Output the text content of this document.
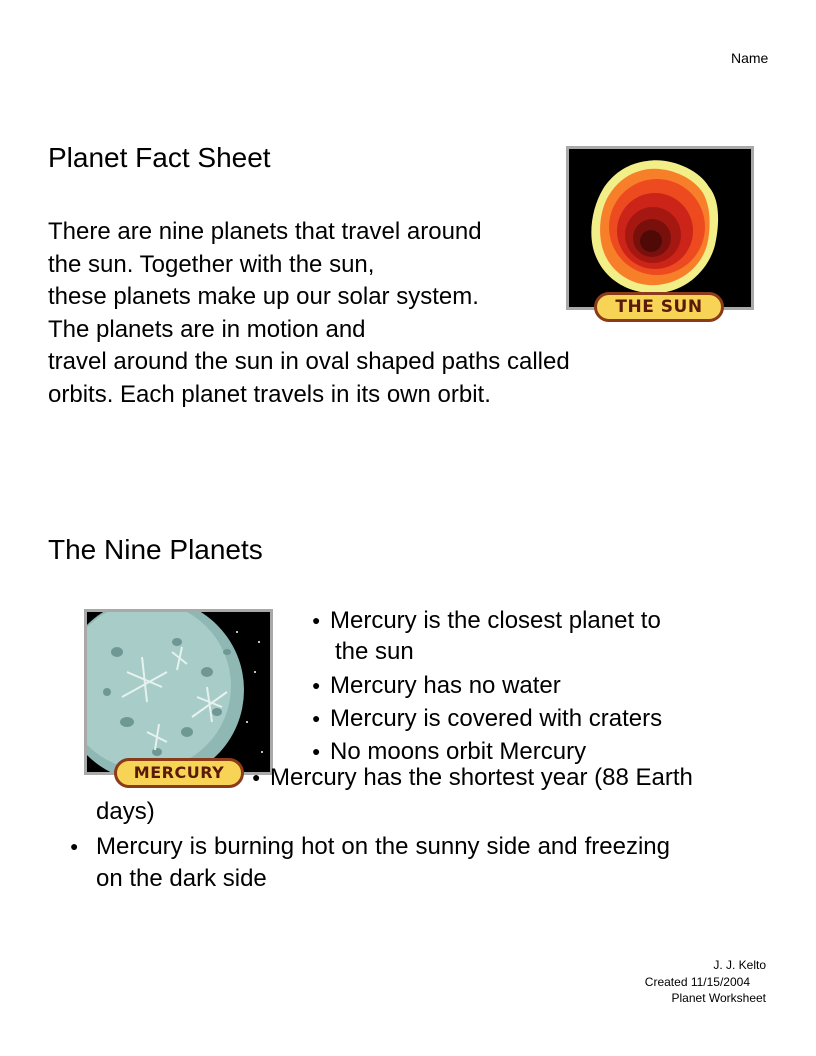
Name
Planet Fact Sheet
There are nine planets that travel around
the sun. Together with the sun,
these planets make up our solar system.
The planets are in motion and
travel around the sun in oval shaped paths called
orbits. Each planet travels in its own orbit.
THE SUN
The Nine Planets
MERCURY
● Mercury is the closest planet to
the sun
● Mercury has no water
● Mercury is covered with craters
● No moons orbit Mercury
● Mercury has the shortest year (88 Earth
days)
● Mercury is burning hot on the sunny side and freezing on the dark side
J. J. Kelto
Created 11/15/2004
Planet Worksheet
